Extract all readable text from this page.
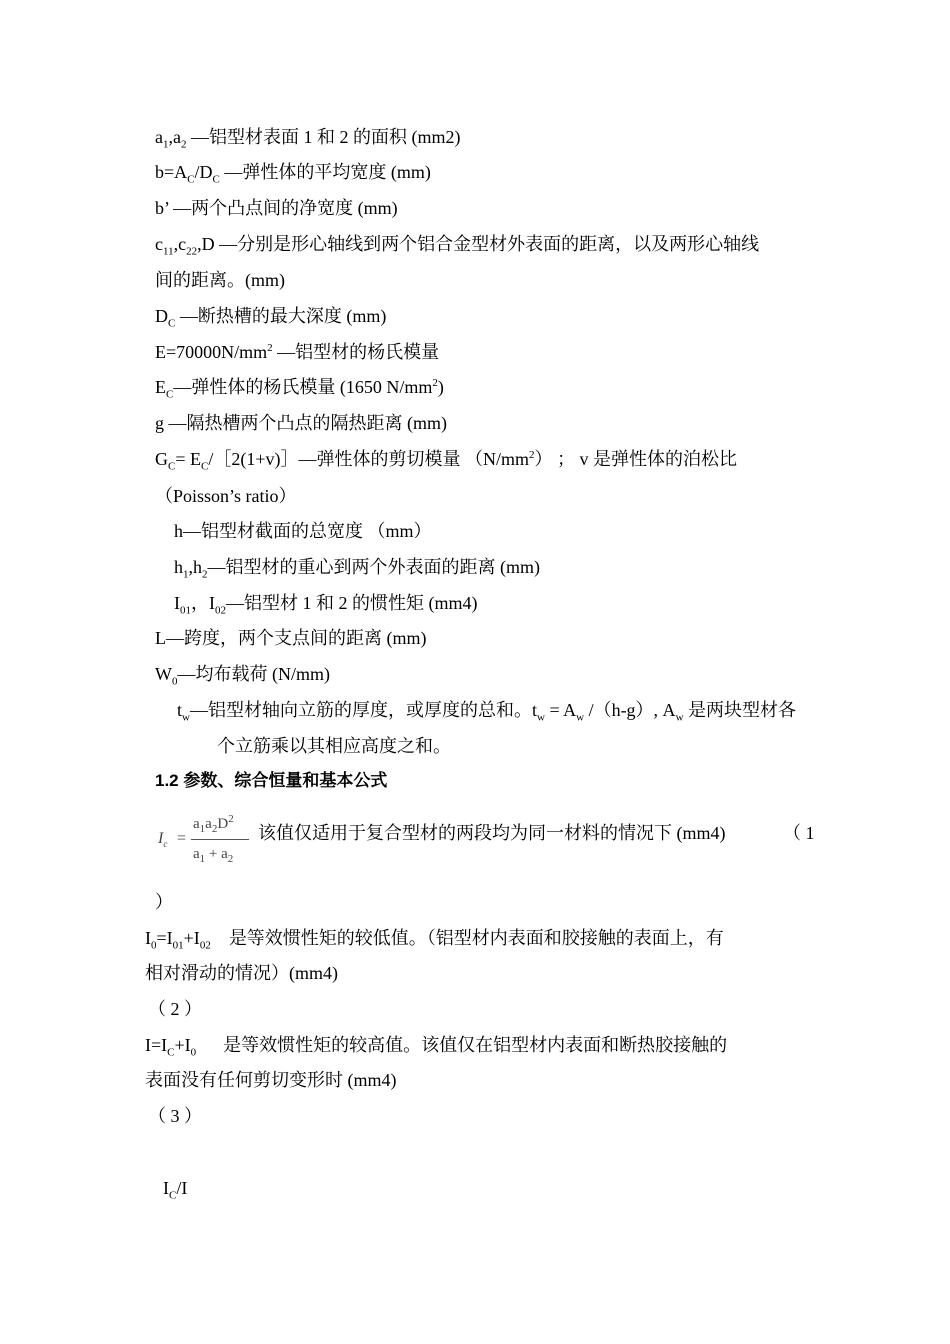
$a_1,a_2$ —铝型材表面 1 和 2 的面积 (mm2)
$b=A_C/D_C$ —弹性体的平均宽度 (mm)
b’ —两个凸点间的净宽度 (mm)
$c_{11},c_{22},D$ —分别是形心轴线到两个铝合金型材外表面的距离，以及两形心轴线
间的距离。(mm)
$D_C$ —断热槽的最大深度 (mm)
$E=70000N/mm^2$ —铝型材的杨氏模量
$E_C—$弹性体的杨氏模量 (1650 $N/mm^2$)
g —隔热槽两个凸点的隔热距离 (mm)
$G_C=$ $E_C/[2(1+v)]—$弹性体的剪切模量 $(N/mm^2)$ ； v 是弹性体的泊松比
（Poisson’s ratio）
h—铝型材截面的总宽度 （mm）
$h_1,h_2—$铝型材的重心到两个外表面的距离 (mm)
$I_{01}$，$I_{02}—$铝型材 1 和 2 的惯性矩 (mm4)
L—跨度，两个支点间的距离 (mm)
$W_0—$均布载荷 (N/mm)
$t_w—$铝型材轴向立筋的厚度，或厚度的总和。$t_w = A_w$ /（h-g）, $A_w$ 是两块型材各
个立筋乘以其相应高度之和。
1.2 参数、综合恒量和基本公式
$I_c$ =
$a_1a_2D^2$
$a_1 + a_2$
该值仅适用于复合型材的两段均为同一材料的情况下 (mm4)	（ 1
）
$I_0=I_{01}+I_{02}$ 是等效惯性矩的较低值。（铝型材内表面和胶接触的表面上，有
相对滑动的情况）(mm4)
（ 2 ）
$I=I_C+I_0$ 是等效惯性矩的较高值。该值仅在铝型材内表面和断热胶接触的
表面没有任何剪切变形时 (mm4)
（ 3 ）
$I_C/I$
